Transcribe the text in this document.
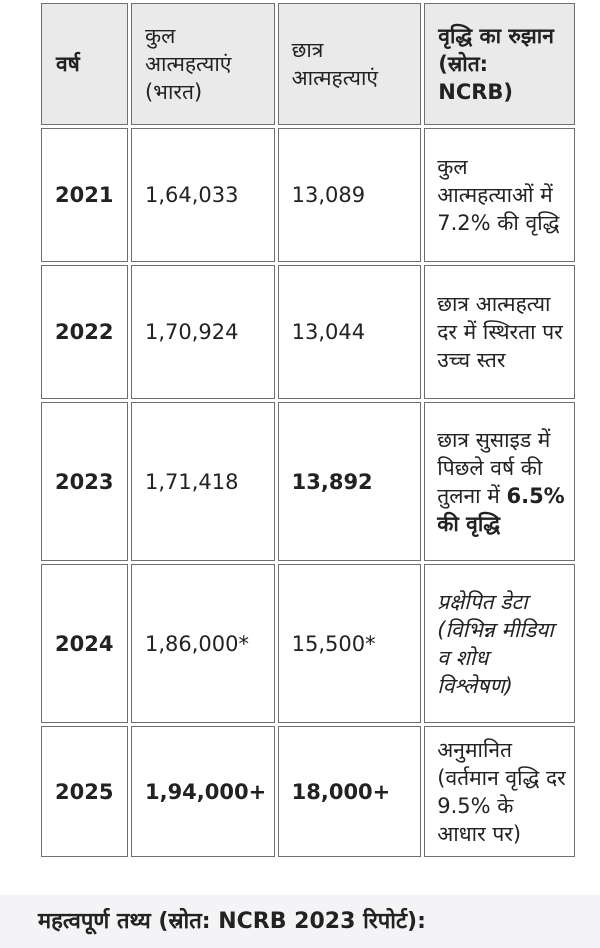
वर्ष	कुल आत्महत्याएं (भारत)	छात्र आत्महत्याएं	वृद्धि का रुझान (स्रोत: NCRB)
2021	1,64,033	13,089	कुल आत्महत्याओं में 7.2% की वृद्धि
2022	1,70,924	13,044	छात्र आत्महत्या दर में स्थिरता पर उच्च स्तर
2023	1,71,418	13,892	छात्र सुसाइड में पिछले वर्ष की तुलना में 6.5% की वृद्धि
2024	1,86,000*	15,500*	प्रक्षेपित डेटा (विभिन्न मीडिया व शोध विश्लेषण)
2025	1,94,000+	18,000+	अनुमानित (वर्तमान वृद्धि दर 9.5% के आधार पर)
महत्वपूर्ण तथ्य (स्रोत: NCRB 2023 रिपोर्ट):
